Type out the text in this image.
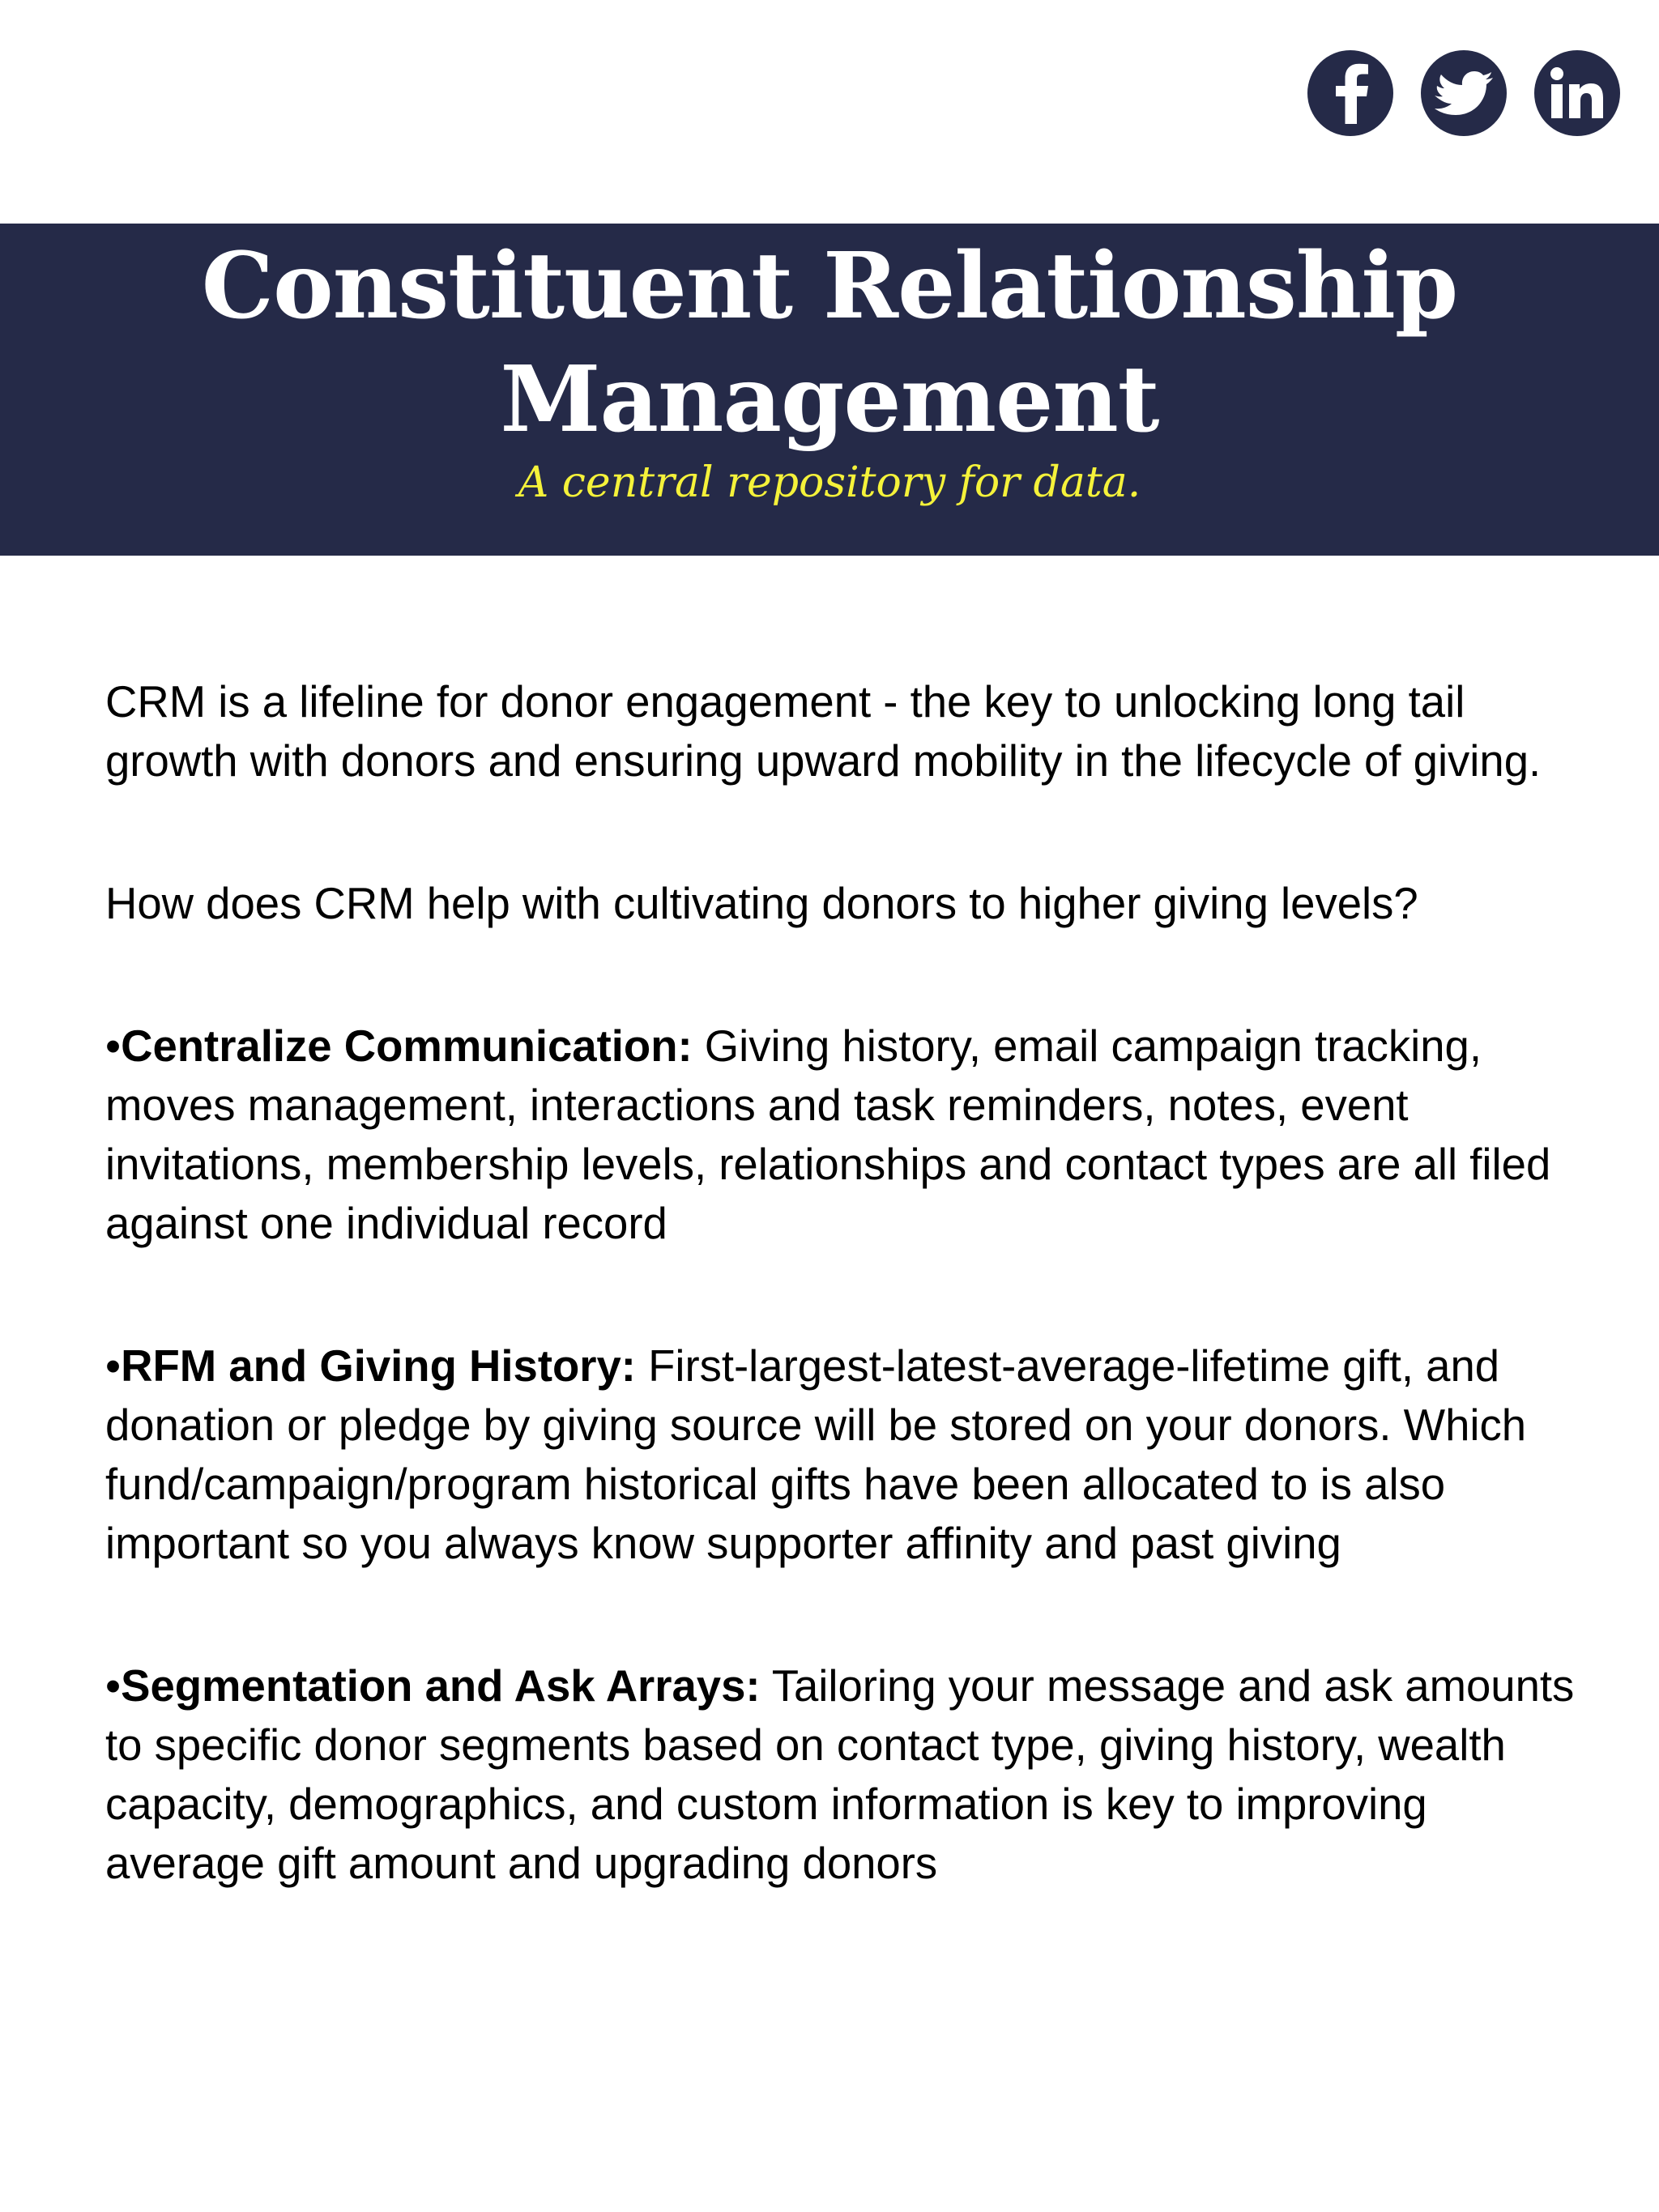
Constituent Relationship Management
A central repository for data.

CRM is a lifeline for donor engagement - the key to unlocking long tail growth with donors and ensuring upward mobility in the lifecycle of giving.

How does CRM help with cultivating donors to higher giving levels?

•Centralize Communication: Giving history, email campaign tracking, moves management, interactions and task reminders, notes, event invitations, membership levels, relationships and contact types are all filed against one individual record

•RFM and Giving History: First-largest-latest-average-lifetime gift, and donation or pledge by giving source will be stored on your donors. Which fund/campaign/program historical gifts have been allocated to is also important so you always know supporter affinity and past giving

•Segmentation and Ask Arrays: Tailoring your message and ask amounts to specific donor segments based on contact type, giving history, wealth capacity, demographics, and custom information is key to improving average gift amount and upgrading donors
